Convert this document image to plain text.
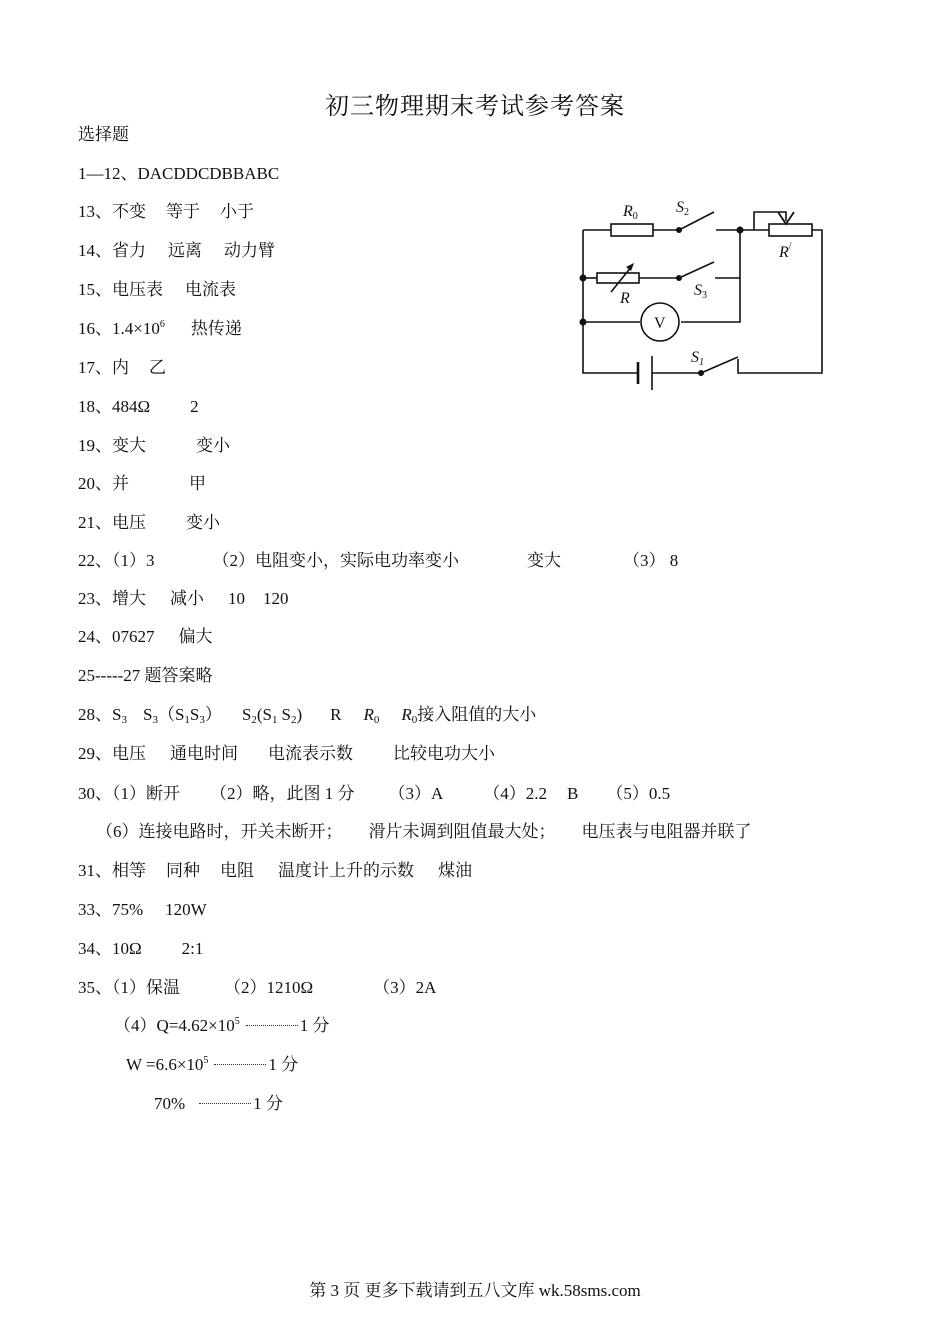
初三物理期末考试参考答案
选择题
1—12、DACDDCDBBABC
13、不变 等于 小于
14、省力 远离 动力臂
15、电压表 电流表
16、$1.4\times 10^6$ 热传递
17、内 乙
18、484Ω 2
19、变大	变小
20、并	甲
21、电压 变小
22、（1）3	（2）电阻变小，实际电功率变小	变大	（3） 8
23、增大 减小 10 120
24、07627 偏大
25-----27 题答案略
28、$S_3$ $S_3(S_1S_3)$ $S_2(S_1$ $S_2$) R $R_0$ $R_0$接入阻值的大小
29、电压 通电时间 电流表示数 比较电功大小
30、（1）断开 （2）略，此图 1 分 （3）A （4）2.2 B （5）0.5
（6）连接电路时，开关未断开； 滑片未调到阻值最大处； 电压表与电阻器并联了
31、相等 同种 电阻 温度计上升的示数 煤油
33、75% 120W
34、10Ω 2:1
35、（1）保温	（2）1210Ω	（3）2A
$(4)Q=4.62\times 10^5$	1 分
$W =6.6\times 10^5$	1 分
70%	1 分
R0
S2
R/
R	S3
V
S1
第 3 页 更多下载请到五八文库 wk.58sms.com
